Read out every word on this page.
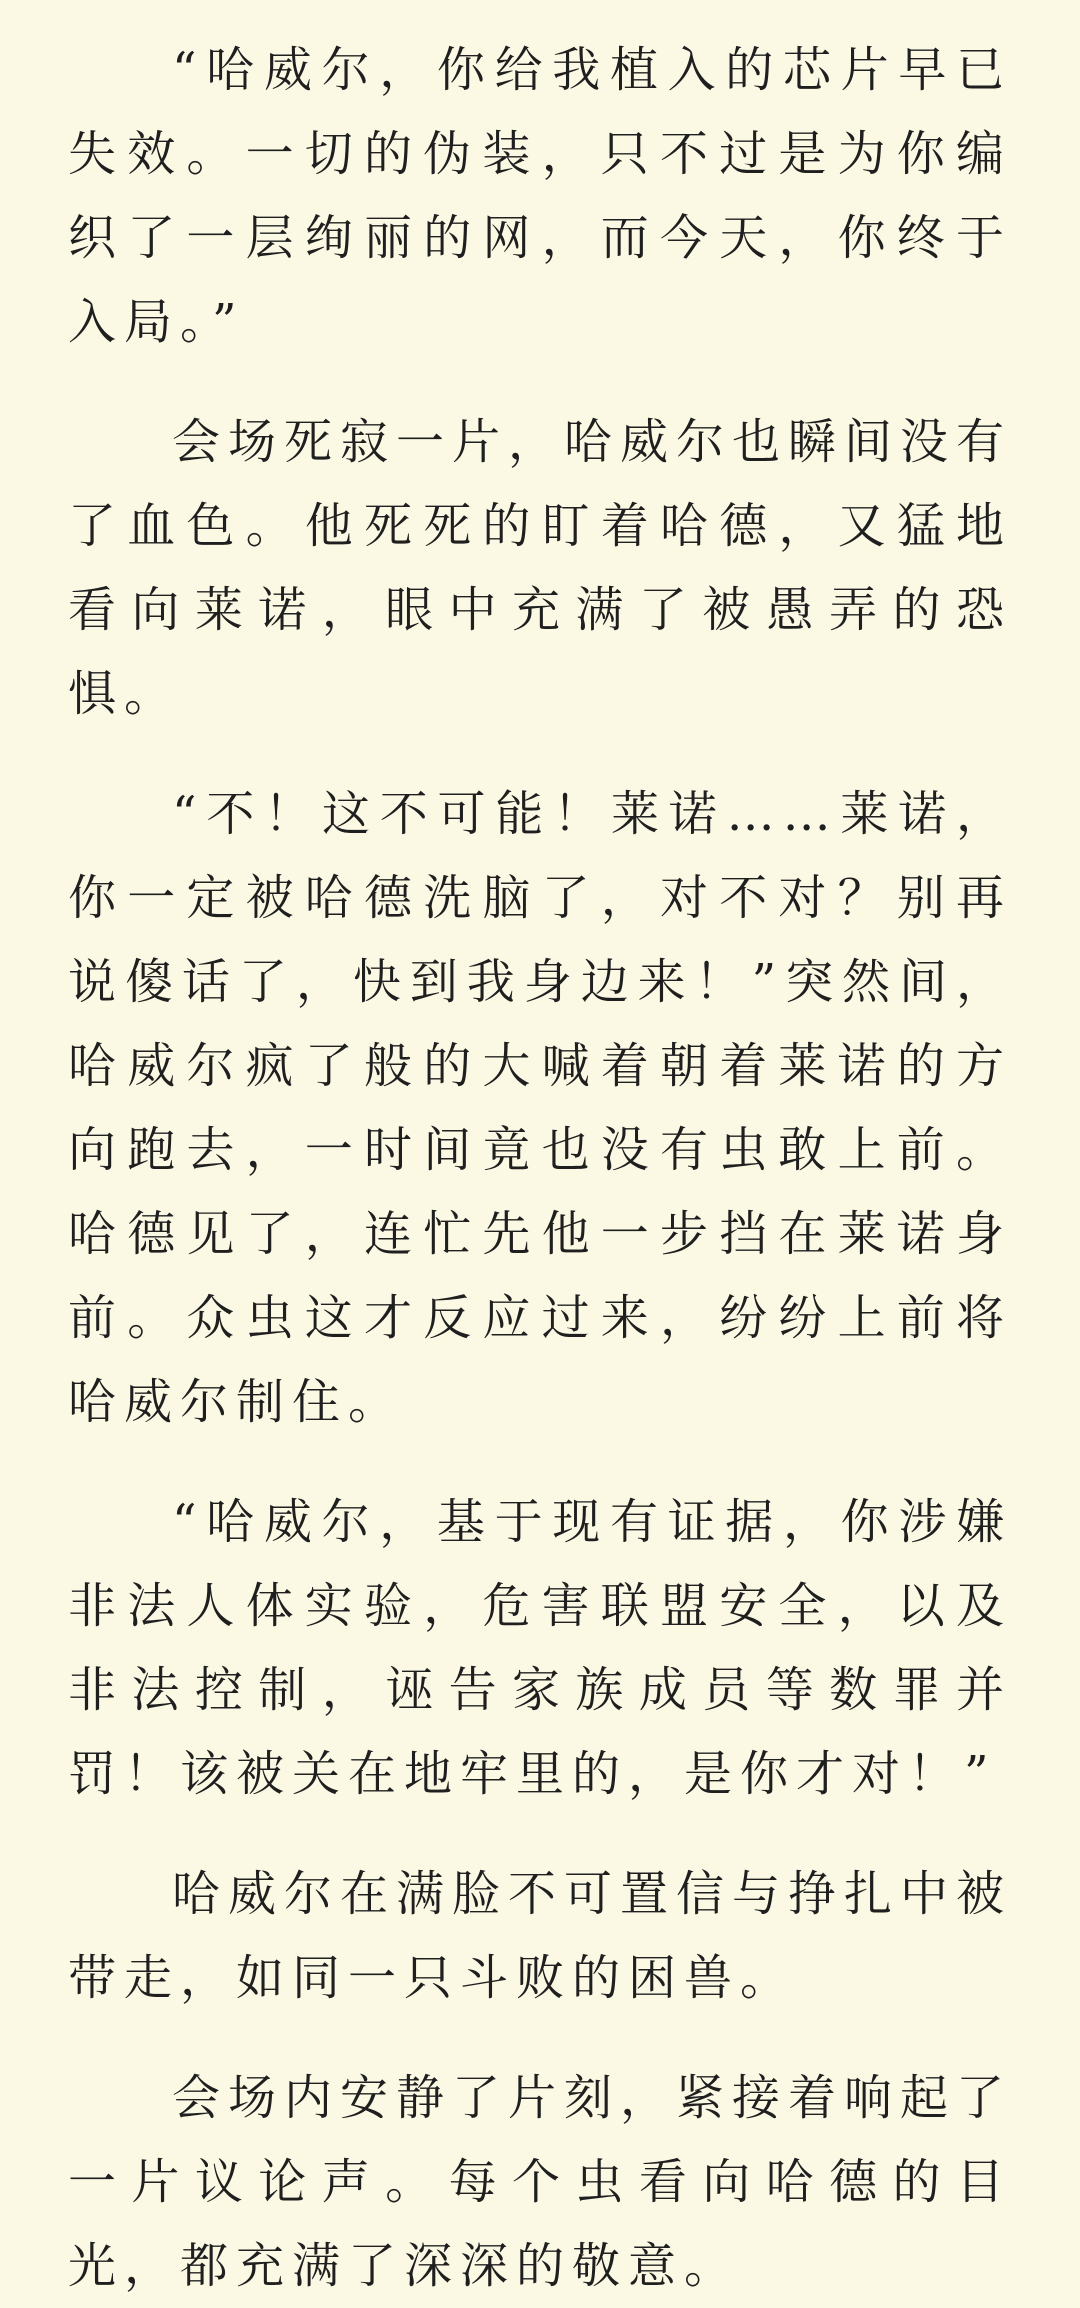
“哈威尔，你给我植入的芯片早已失效。一切的伪装，只不过是为你编织了一层绚丽的网，而今天，你终于入局。”

会场死寂一片，哈威尔也瞬间没有了血色。他死死的盯着哈德，又猛地看向莱诺，眼中充满了被愚弄的恐惧。

“不！这不可能！莱诺……莱诺，你一定被哈德洗脑了，对不对？别再说傻话了，快到我身边来！”突然间，哈威尔疯了般的大喊着朝着莱诺的方向跑去，一时间竟也没有虫敢上前。哈德见了，连忙先他一步挡在莱诺身前。众虫这才反应过来，纷纷上前将哈威尔制住。

“哈威尔，基于现有证据，你涉嫌非法人体实验，危害联盟安全，以及非法控制，诬告家族成员等数罪并罚！该被关在地牢里的，是你才对！”

哈威尔在满脸不可置信与挣扎中被带走，如同一只斗败的困兽。

会场内安静了片刻，紧接着响起了一片议论声。每个虫看向哈德的目光，都充满了深深的敬意。
